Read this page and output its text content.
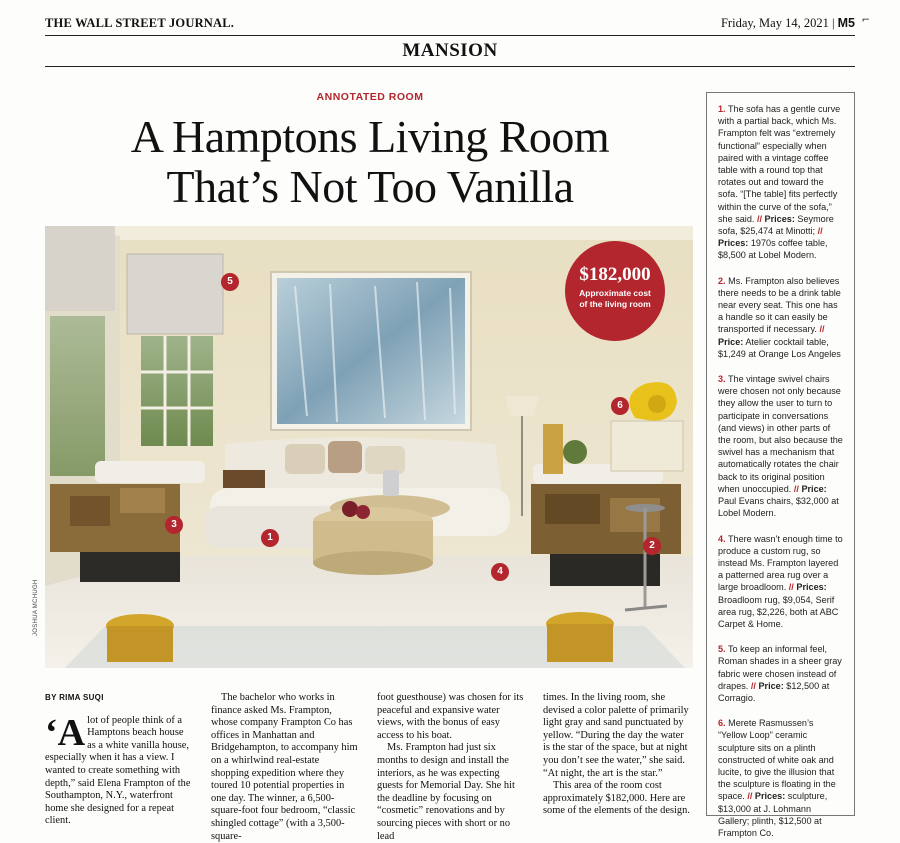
THE WALL STREET JOURNAL.	Friday, May 14, 2021 | M5 ⌐
MANSION
ANNOTATED ROOM
A Hamptons Living Room
That’s Not Too Vanilla
5
6
3
1
2
4
$182,000
Approximate cost of the living room
JOSHUA MCHUGH
BY RIMA SUQI

‘Alot of people think of a Hamptons beach house as a white vanilla house, especially when it has a view. I wanted to create something with depth,” said Elena Frampton of the Southampton, N.Y., waterfront home she designed for a repeat client.

The bachelor who works in finance asked Ms. Frampton, whose company Frampton Co has offices in Manhattan and Bridgehampton, to accompany him on a whirlwind real-estate shopping expedition where they toured 10 potential properties in one day. The winner, a 6,500-square-foot four bedroom, “classic shingled cottage” (with a 3,500-square-

foot guesthouse) was chosen for its peaceful and expansive water views, with the bonus of easy access to his boat.

Ms. Frampton had just six months to design and install the interiors, as he was expecting guests for Memorial Day. She hit the deadline by focusing on “cosmetic” renovations and by sourcing pieces with short or no lead

times. In the living room, she devised a color palette of primarily light gray and sand punctuated by yellow. “During the day the water is the star of the space, but at night you don’t see the water,” she said. “At night, the art is the star.”

This area of the room cost approximately $182,000. Here are some of the elements of the design.

1. The sofa has a gentle curve with a partial back, which Ms. Frampton felt was “extremely functional” especially when paired with a vintage coffee table with a round top that rotates out and toward the sofa. “[The table] fits perfectly within the curve of the sofa,” she said. // Prices: Seymore sofa, $25,474 at Minotti; // Prices: 1970s coffee table, $8,500 at Lobel Modern.
2. Ms. Frampton also believes there needs to be a drink table near every seat. This one has a handle so it can easily be transported if necessary. // Price: Atelier cocktail table, $1,249 at Orange Los Angeles
3. The vintage swivel chairs were chosen not only because they allow the user to turn to participate in conversations (and views) in other parts of the room, but also because the swivel has a mechanism that automatically rotates the chair back to its original position when unoccupied. // Price: Paul Evans chairs, $32,000 at Lobel Modern.
4. There wasn’t enough time to produce a custom rug, so instead Ms. Frampton layered a patterned area rug over a large broadloom. // Prices: Broadloom rug, $9,054, Serif area rug, $2,226, both at ABC Carpet & Home.
5. To keep an informal feel, Roman shades in a sheer gray fabric were chosen instead of drapes. // Price: $12,500 at Corragio.
6. Merete Rasmussen’s “Yellow Loop” ceramic sculpture sits on a plinth constructed of white oak and lucite, to give the illusion that the sculpture is floating in the space. // Prices: sculpture, $13,000 at J. Lohmann Gallery; plinth, $12,500 at Frampton Co.
